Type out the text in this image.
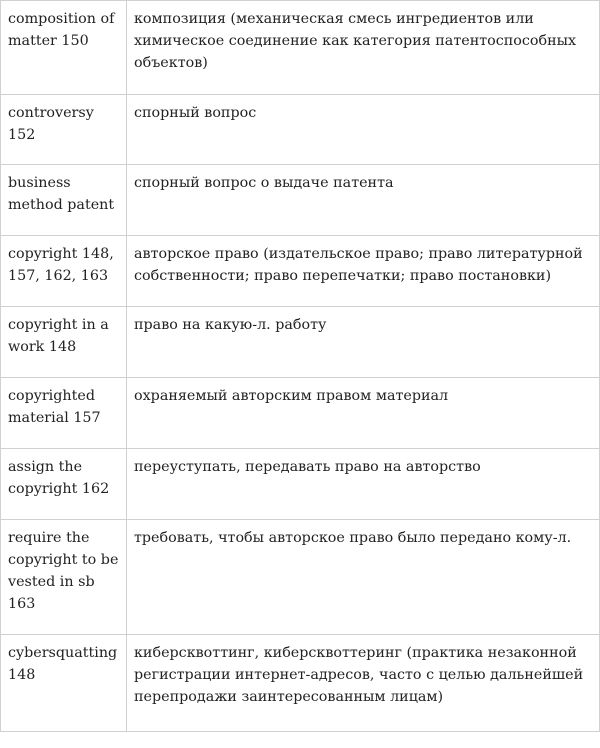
composition of matter 150	композиция (механическая смесь ингредиентов или химическое соединение как категория патентоспособных объектов)

controversy 152	спорный вопрос

business method patent	спорный вопрос о выдаче патента

copyright 148, 157, 162, 163	авторское право (издательское право; право литературной собственности; право перепечатки; право постановки)

copyright in a work 148	право на какую-л. работу

copyrighted material 157	охраняемый авторским правом материал

assign the copyright 162	переуступать, передавать право на авторство

require the copyright to be vested in sb 163	требовать, чтобы авторское право было передано кому-л.

cybersquatting 148	киберсквоттинг, киберсквоттеринг (практика незаконной регистрации интернет-адресов, часто с целью дальнейшей перепродажи заинтересованным лицам)
